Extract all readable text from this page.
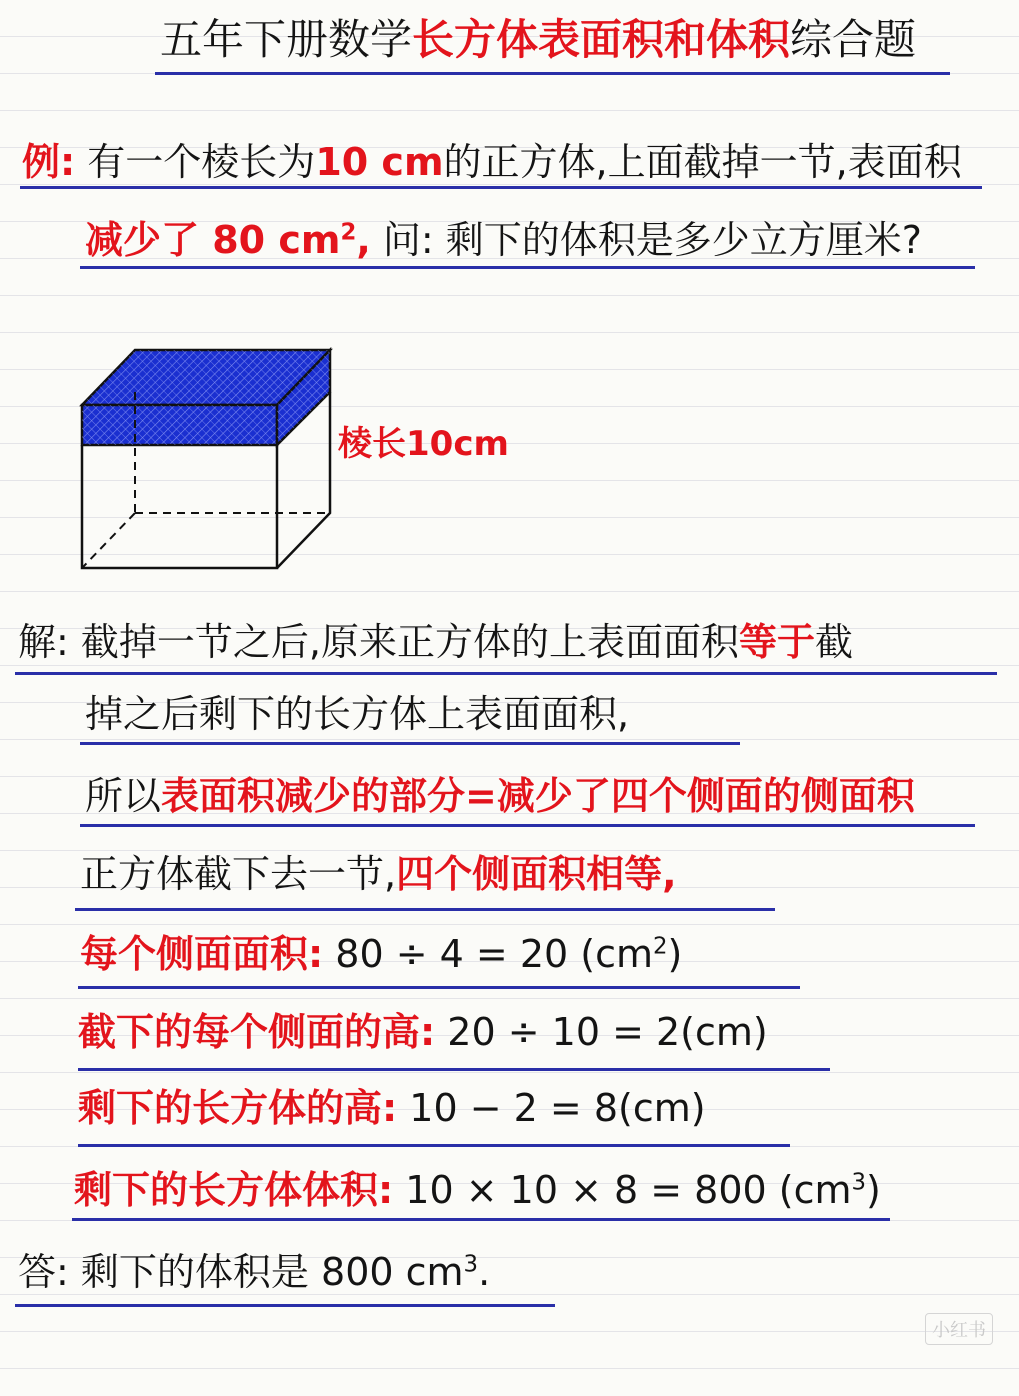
五年下册数学长方体表面积和体积综合题
例: 有一个棱长为10 cm的正方体,上面截掉一节,表面积
减少了 80 $cm^2$, 问: 剩下的体积是多少立方厘米?
棱长10cm
解: 截掉一节之后,原来正方体的上表面面积等于截
掉之后剩下的长方体上表面面积,
所以表面积减少的部分=减少了四个侧面的侧面积
正方体截下去一节,四个侧面积相等,
每个侧面面积: 80 ÷ 4 = 20 $(cm^2)$
截下的每个侧面的高: 20 ÷ 10 = 2(cm)
剩下的长方体的高: 10 − 2 = 8(cm)
剩下的长方体体积: 10 × 10 × 8 = 800 $(cm^3)$
答: 剩下的体积是 800 $cm^3$.
小红书
